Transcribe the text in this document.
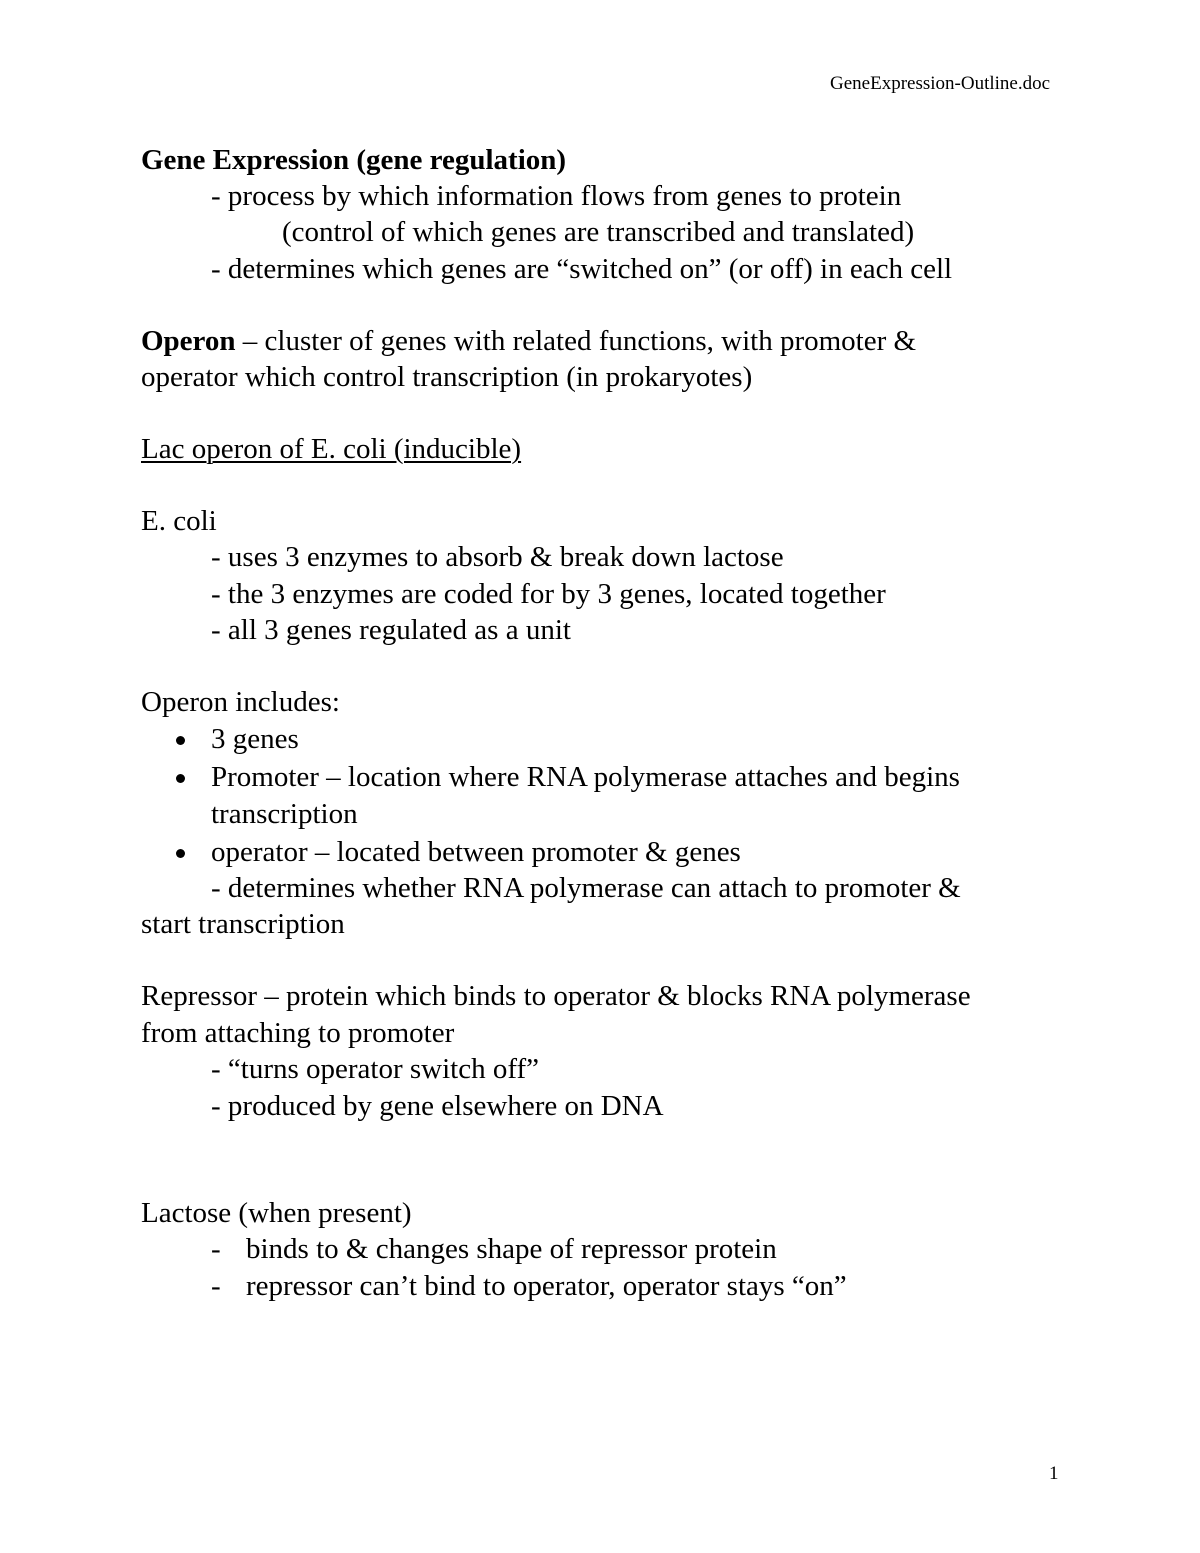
GeneExpression-Outline.doc
Gene Expression (gene regulation)
- process by which information flows from genes to protein
(control of which genes are transcribed and translated)
- determines which genes are “switched on” (or off) in each cell
Operon – cluster of genes with related functions, with promoter &
operator which control transcription (in prokaryotes)
Lac operon of E. coli (inducible)
E. coli
- uses 3 enzymes to absorb & break down lactose
- the 3 enzymes are coded for by 3 genes, located together
- all 3 genes regulated as a unit
Operon includes:
3 genes
Promoter – location where RNA polymerase attaches and begins
transcription
operator – located between promoter & genes
- determines whether RNA polymerase can attach to promoter &
start transcription
Repressor – protein which binds to operator & blocks RNA polymerase
from attaching to promoter
- “turns operator switch off”
- produced by gene elsewhere on DNA
Lactose (when present)
- binds to & changes shape of repressor protein
- repressor can’t bind to operator, operator stays “on”
1
